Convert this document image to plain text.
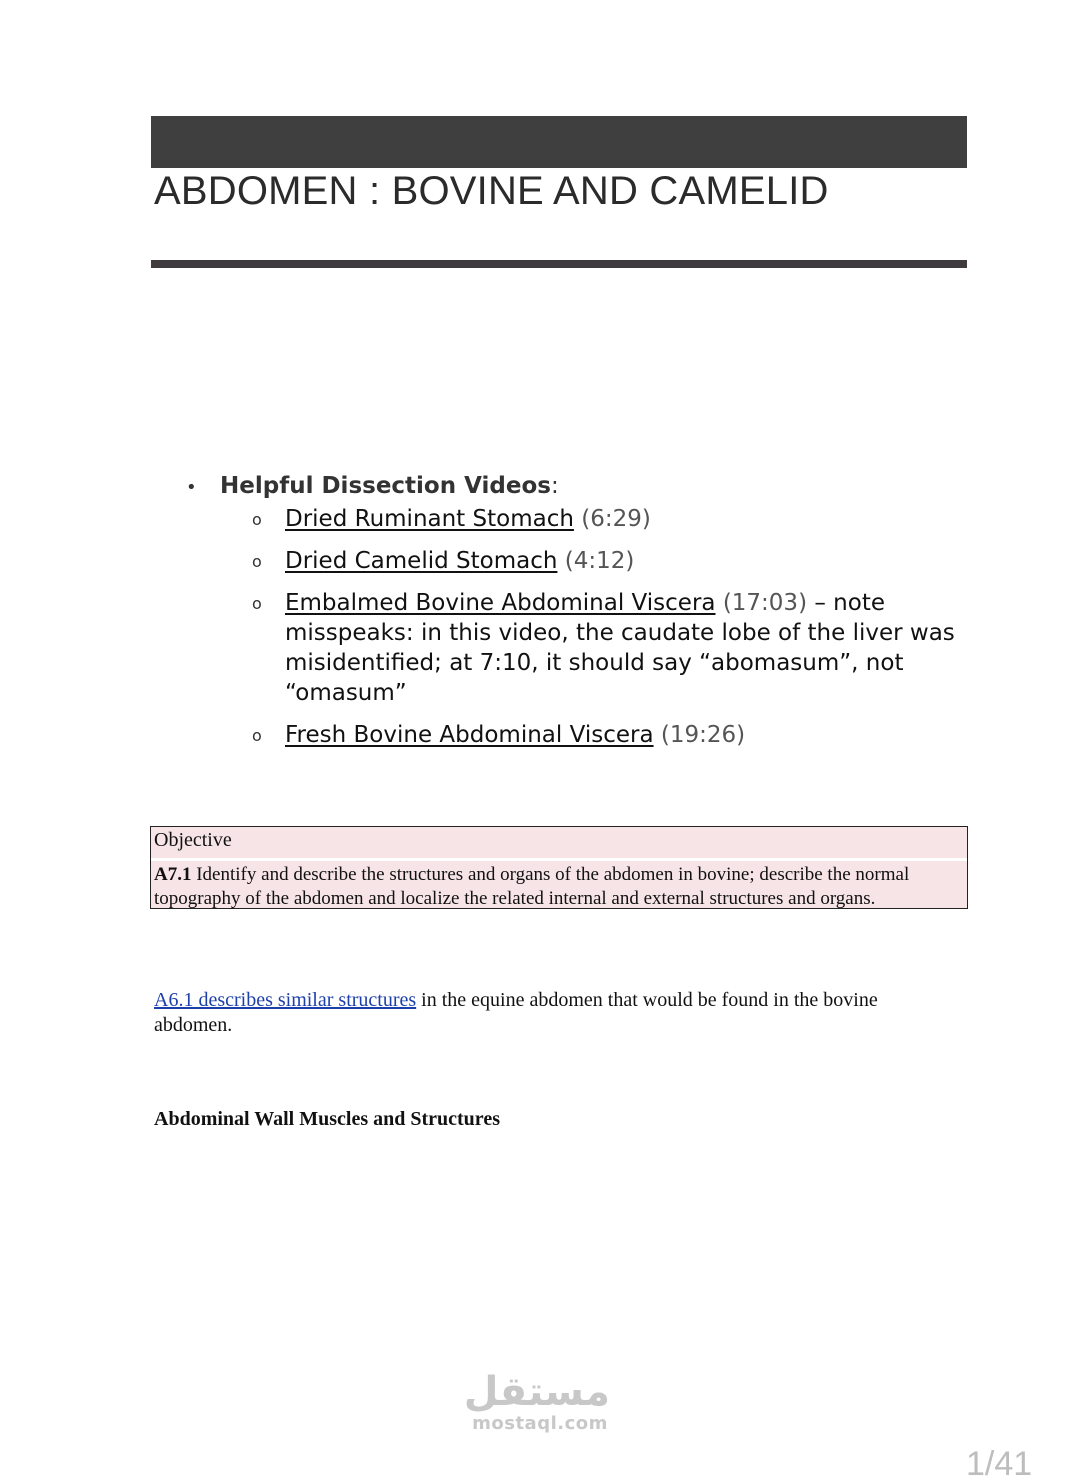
ABDOMEN : BOVINE AND CAMELID
• Helpful Dissection Videos:
o Dried Ruminant Stomach (6:29)
o Dried Camelid Stomach (4:12)
o Embalmed Bovine Abdominal Viscera (17:03) – note misspeaks: in this video, the caudate lobe of the liver was misidentified; at 7:10, it should say “abomasum”, not “omasum”
o Fresh Bovine Abdominal Viscera (19:26)
Objective
A7.1 Identify and describe the structures and organs of the abdomen in bovine; describe the normal topography of the abdomen and localize the related internal and external structures and organs.

A6.1 describes similar structures in the equine abdomen that would be found in the bovine abdomen.

Abdominal Wall Muscles and Structures
مستقل
mostaql.com
1/41
